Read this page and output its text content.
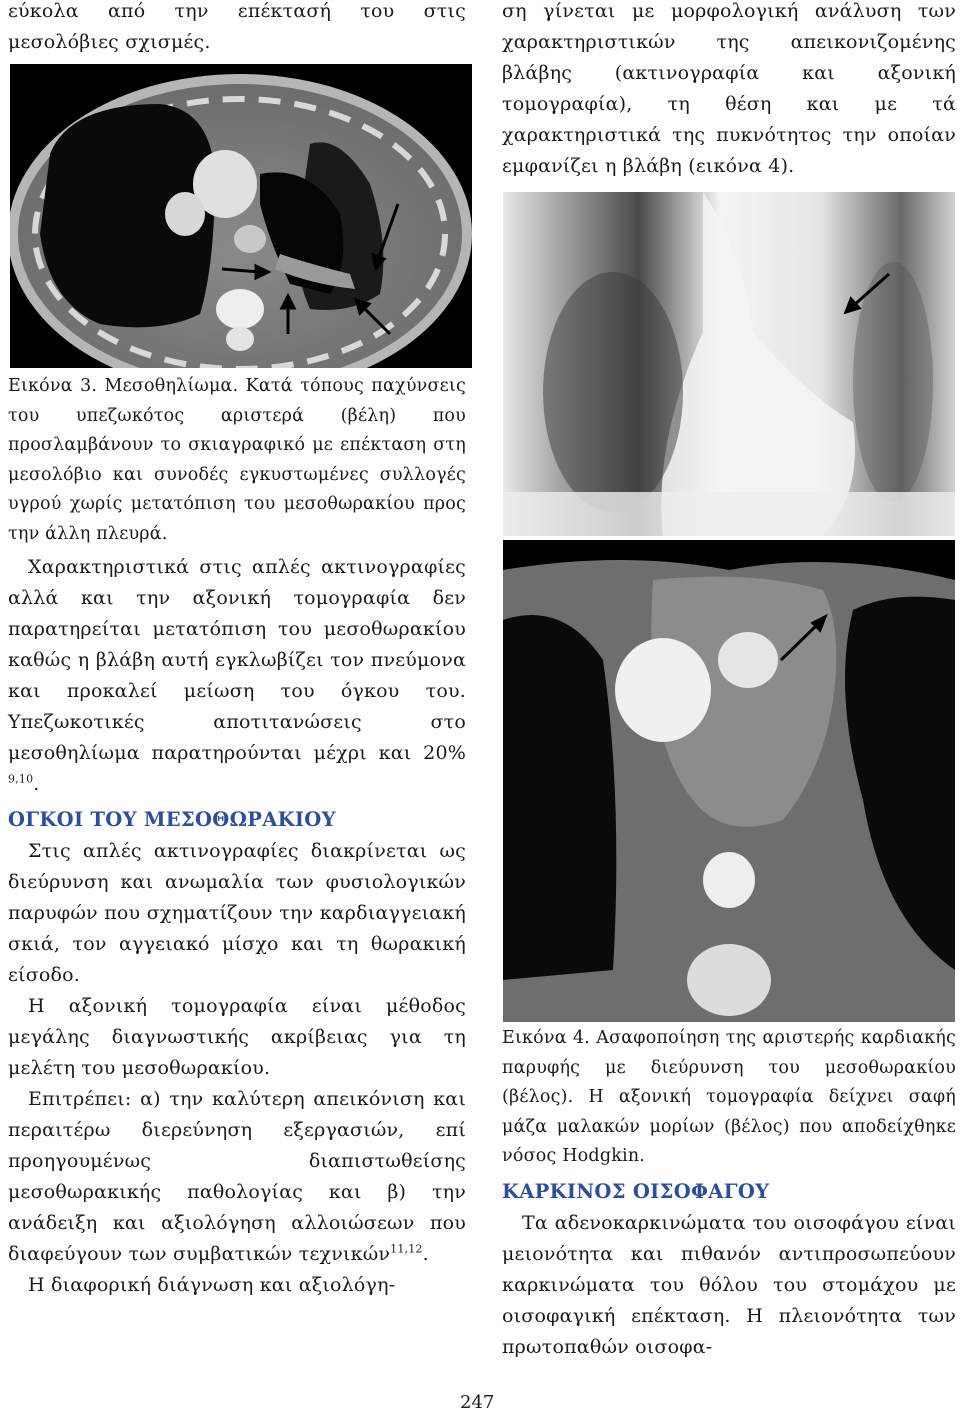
εύκολα από την επέκτασή του στις μεσολόβιες σχισμές.

Εικόνα 3. Μεσοθηλίωμα. Κατά τόπους παχύνσεις του υπεζωκότος αριστερά (βέλη) που προσλαμβάνουν το σκιαγραφικό με επέκταση στη μεσολόβιο και συνοδές εγκυστωμένες συλλογές υγρού χωρίς μετατόπιση του μεσοθωρακίου προς την άλλη πλευρά.

Χαρακτηριστικά στις απλές ακτινογραφίες αλλά και την αξονική τομογραφία δεν παρατηρείται μετατόπιση του μεσοθωρακίου καθώς η βλάβη αυτή εγκλωβίζει τον πνεύμονα και προκαλεί μείωση του όγκου του. Υπεζωκοτικές αποτιτανώσεις στο μεσοθηλίωμα παρατηρούνται μέχρι και 20% $^{9,10}$.

ΟΓΚΟΙ ΤΟΥ ΜΕΣΟΘΩΡΑΚΙΟΥ

Στις απλές ακτινογραφίες διακρίνεται ως διεύρυνση και ανωμαλία των φυσιολογικών παρυφών που σχηματίζουν την καρδιαγγειακή σκιά, τον αγγειακό μίσχο και τη θωρακική είσοδο.

Η αξονική τομογραφία είναι μέθοδος μεγάλης διαγνωστικής ακρίβειας για τη μελέτη του μεσοθωρακίου.

Επιτρέπει: α) την καλύτερη απεικόνιση και περαιτέρω διερεύνηση εξεργασιών, επί προηγουμένως διαπιστωθείσης μεσοθωρακικής παθολογίας και β) την ανάδειξη και αξιολόγηση αλλοιώσεων που διαφεύγουν των συμβατικών τεχνικών$^{11,12}$.

Η διαφορική διάγνωση και αξιολόγη-

ση γίνεται με μορφολογική ανάλυση των χαρακτηριστικών της απεικονιζομένης βλάβης (ακτινογραφία και αξονική τομογραφία), τη θέση και με τά χαρακτηριστικά της πυκνότητος την οποίαν εμφανίζει η βλάβη (εικόνα 4).

Εικόνα 4. Ασαφοποίηση της αριστερής καρδιακής παρυφής με διεύρυνση του μεσοθωρακίου (βέλος). Η αξονική τομογραφία δείχνει σαφή μάζα μαλακών μορίων (βέλος) που αποδείχθηκε νόσος Hodgkin.

ΚΑΡΚΙΝΟΣ ΟΙΣΟΦΑΓΟΥ

Τα αδενοκαρκινώματα του οισοφάγου είναι μειονότητα και πιθανόν αντιπροσωπεύουν καρκινώματα του θόλου του στομάχου με οισοφαγική επέκταση. Η πλειονότητα των πρωτοπαθών οισοφα-

247
